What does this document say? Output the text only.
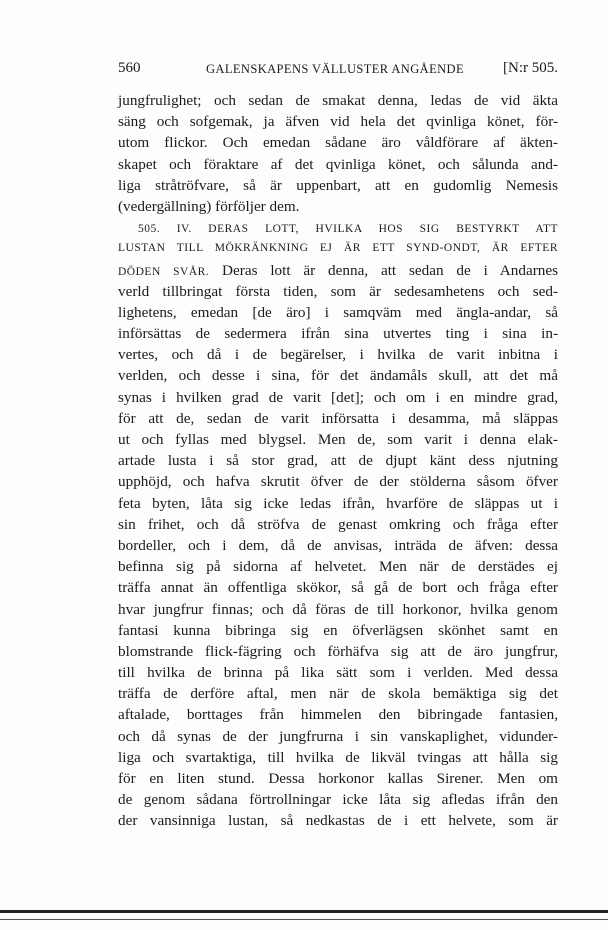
560	GALENSKAPENS VÄLLUSTER ANGÅENDE	[N:r 505.
jungfrulighet; och sedan de smakat denna, ledas de vid äkta
säng och sofgemak, ja äfven vid hela det qvinliga könet, för-
utom flickor. Och emedan sådane äro våldförare af äkten-
skapet och föraktare af det qvinliga könet, och sålunda and-
liga stråtröfvare, så är uppenbart, att en gudomlig Nemesis
(vedergällning) förföljer dem.
505. IV. DERAS LOTT, HVILKA HOS SIG BESTYRKT ATT
LUSTAN TILL MÖKRÄNKNING EJ ÄR ETT SYND-ONDT, ÄR EFTER
DÖDEN SVÅR. Deras lott är denna, att sedan de i Andarnes
verld tillbringat första tiden, som är sedesamhetens och sed-
lighetens, emedan [de äro] i samqväm med ängla-andar, så
införsättas de sedermera ifrån sina utvertes ting i sina in-
vertes, och då i de begärelser, i hvilka de varit inbitna i
verlden, och desse i sina, för det ändamåls skull, att det må
synas i hvilken grad de varit [det]; och om i en mindre grad,
för att de, sedan de varit införsatta i desamma, må släppas
ut och fyllas med blygsel. Men de, som varit i denna elak-
artade lusta i så stor grad, att de djupt känt dess njutning
upphöjd, och hafva skrutit öfver de der stölderna såsom öfver
feta byten, låta sig icke ledas ifrån, hvarföre de släppas ut i
sin frihet, och då ströfva de genast omkring och fråga efter
bordeller, och i dem, då de anvisas, inträda de äfven: dessa
befinna sig på sidorna af helvetet. Men när de derstädes ej
träffa annat än offentliga skökor, så gå de bort och fråga efter
hvar jungfrur finnas; och då föras de till horkonor, hvilka genom
fantasi kunna bibringa sig en öfverlägsen skönhet samt en
blomstrande flick-fägring och förhäfva sig att de äro jungfrur,
till hvilka de brinna på lika sätt som i verlden. Med dessa
träffa de derföre aftal, men när de skola bemäktiga sig det
aftalade, borttages från himmelen den bibringade fantasien,
och då synas de der jungfrurna i sin vanskaplighet, vidunder-
liga och svartaktiga, till hvilka de likväl tvingas att hålla sig
för en liten stund. Dessa horkonor kallas Sirener. Men om
de genom sådana förtrollningar icke låta sig afledas ifrån den
der vansinniga lustan, så nedkastas de i ett helvete, som är
